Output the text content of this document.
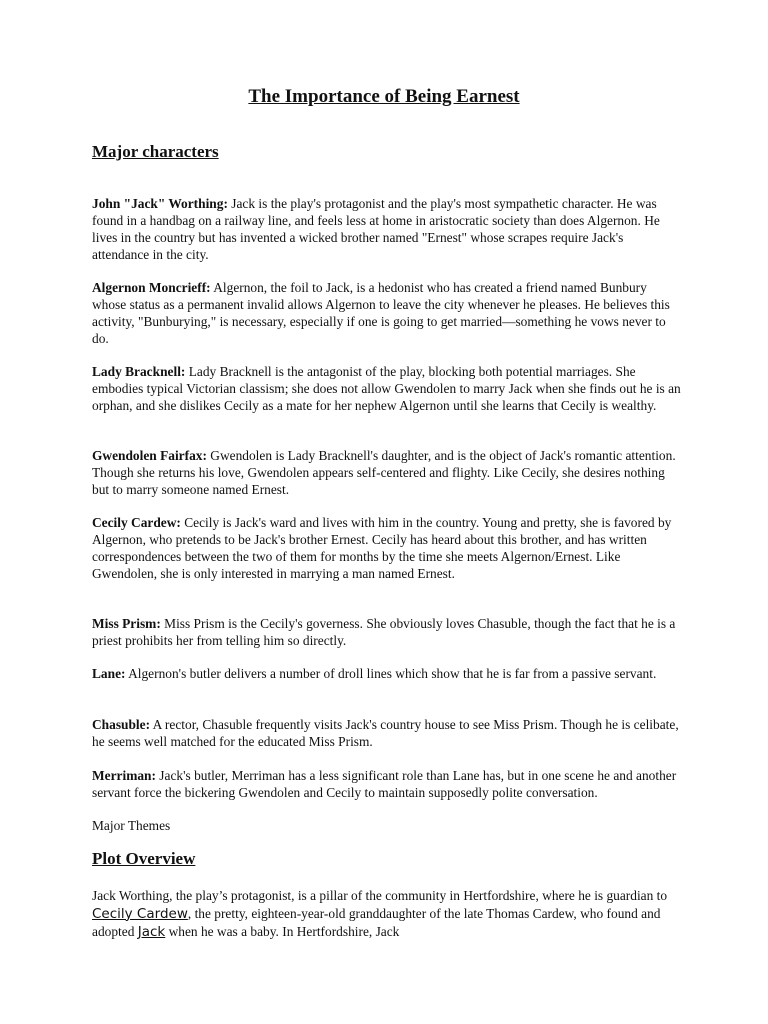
The Importance of Being Earnest
Major characters

John "Jack" Worthing: Jack is the play's protagonist and the play's most sympathetic character. He was found in a handbag on a railway line, and feels less at home in aristocratic society than does Algernon. He lives in the country but has invented a wicked brother named "Ernest" whose scrapes require Jack's attendance in the city.

Algernon Moncrieff: Algernon, the foil to Jack, is a hedonist who has created a friend named Bunbury whose status as a permanent invalid allows Algernon to leave the city whenever he pleases. He believes this activity, "Bunburying," is necessary, especially if one is going to get married—something he vows never to do.

Lady Bracknell: Lady Bracknell is the antagonist of the play, blocking both potential marriages. She embodies typical Victorian classism; she does not allow Gwendolen to marry Jack when she finds out he is an orphan, and she dislikes Cecily as a mate for her nephew Algernon until she learns that Cecily is wealthy.

Gwendolen Fairfax: Gwendolen is Lady Bracknell's daughter, and is the object of Jack's romantic attention. Though she returns his love, Gwendolen appears self-centered and flighty. Like Cecily, she desires nothing but to marry someone named Ernest.

Cecily Cardew: Cecily is Jack's ward and lives with him in the country. Young and pretty, she is favored by Algernon, who pretends to be Jack's brother Ernest. Cecily has heard about this brother, and has written correspondences between the two of them for months by the time she meets Algernon/Ernest. Like Gwendolen, she is only interested in marrying a man named Ernest.

Miss Prism: Miss Prism is the Cecily's governess. She obviously loves Chasuble, though the fact that he is a priest prohibits her from telling him so directly.

Lane: Algernon's butler delivers a number of droll lines which show that he is far from a passive servant.

Chasuble: A rector, Chasuble frequently visits Jack's country house to see Miss Prism. Though he is celibate, he seems well matched for the educated Miss Prism.

Merriman: Jack's butler, Merriman has a less significant role than Lane has, but in one scene he and another servant force the bickering Gwendolen and Cecily to maintain supposedly polite conversation.

Major Themes

Plot Overview

Jack Worthing, the play’s protagonist, is a pillar of the community in Hertfordshire, where he is guardian to Cecily Cardew, the pretty, eighteen-year-old granddaughter of the late Thomas Cardew, who found and adopted Jack when he was a baby. In Hertfordshire, Jack
